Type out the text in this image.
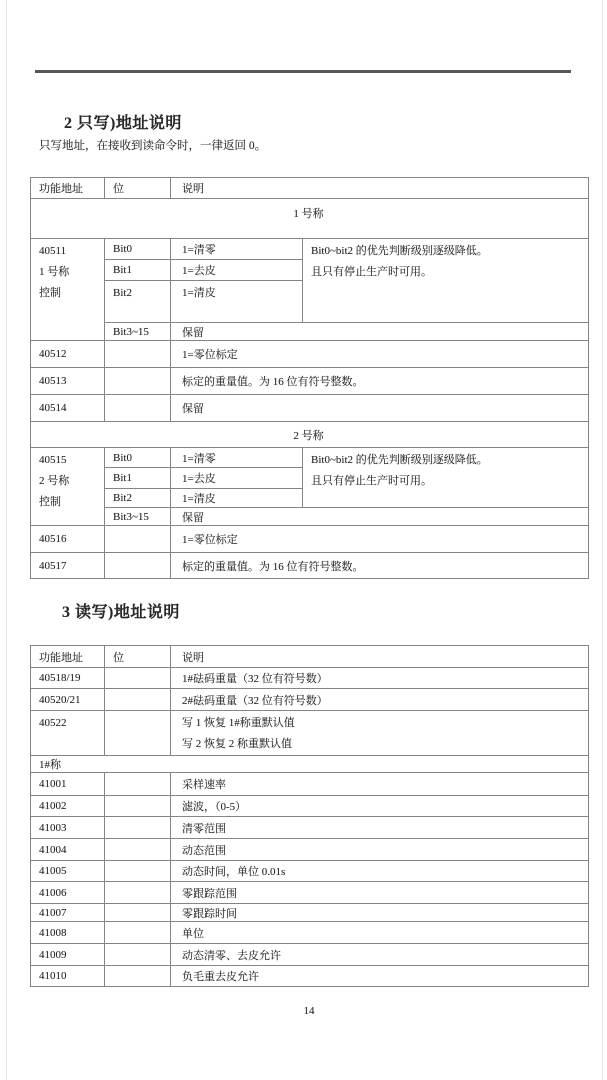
2 只写)地址说明

只写地址，在接收到读命令时，一律返回 0。

功能地址	位	说明	
1 号称			

40511
1 号称
控制
	Bit0	1=清零	Bit0~bit2 的优先判断级别逐级降低。
且只有停止生产时可用。

	Bit1	1=去皮	
	Bit2	1=清皮	
	Bit3~15	保留	
40512		1=零位标定	
40513		标定的重量值。为 16 位有符号整数。	
40514		保留	
2 号称			

40515
2 号称
控制
	Bit0	1=清零	Bit0~bit2 的优先判断级别逐级降低。
且只有停止生产时可用。

	Bit1	1=去皮	
	Bit2	1=清皮	
	Bit3~15	保留	
40516		1=零位标定	
40517		标定的重量值。为 16 位有符号整数。	
3 读写)地址说明
功能地址	位	说明
40518/19		1#砝码重量（32 位有符号数）
40520/21		2#砝码重量（32 位有符号数）
40522		写 1 恢复 1#称重默认值
写 2 恢复 2 称重默认值

1#称		
41001		采样速率
41002		滤波，（0-5）
41003		清零范围
41004		动态范围
41005		动态时间，单位 0.01s
41006		零跟踪范围
41007		零跟踪时间
41008		单位
41009		动态清零、去皮允许
41010		负毛重去皮允许

14
